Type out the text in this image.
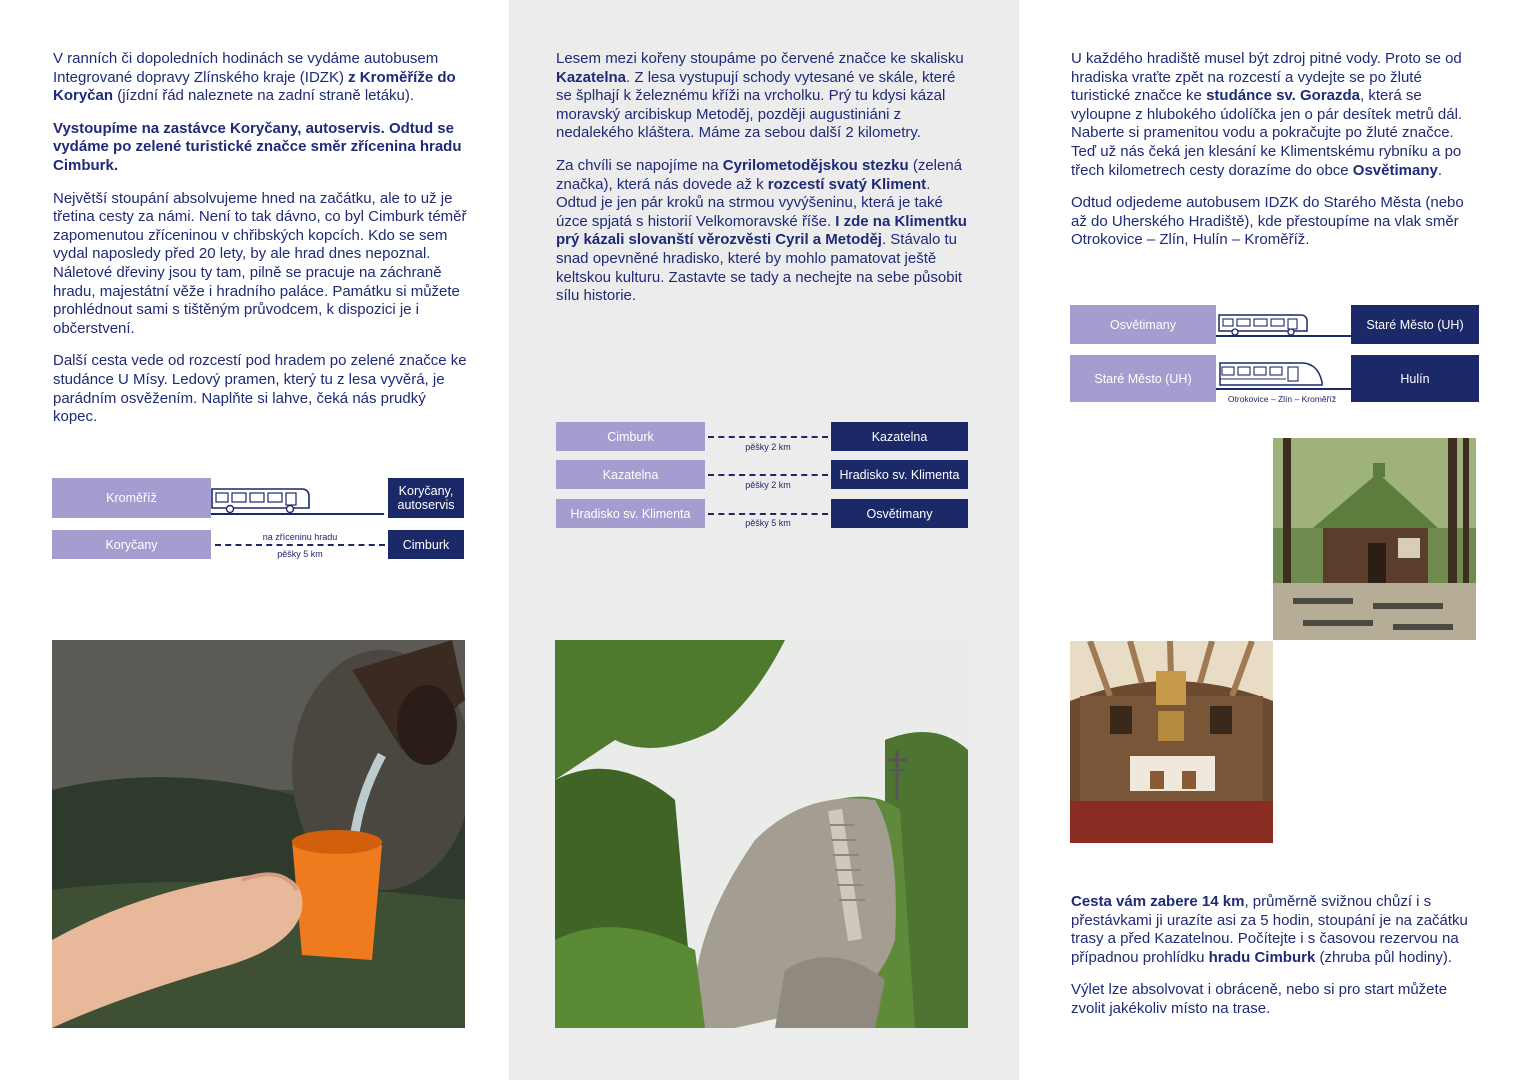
V ranních či dopoledních hodinách se vydáme autobusem Integrované dopravy Zlínského kraje (IDZK) z Kroměříže do Koryčan (jízdní řád naleznete na zadní straně letáku).

Vystoupíme na zastávce Koryčany, autoservis. Odtud se vydáme po zelené turistické značce směr zřícenina hradu Cimburk.

Největší stoupání absolvujeme hned na začátku, ale to už je třetina cesty za námi. Není to tak dávno, co byl Cimburk téměř zapomenutou zříceninou v chřibských kopcích. Kdo se sem vydal naposledy před 20 lety, by ale hrad dnes nepoznal. Náletové dřeviny jsou ty tam, pilně se pracuje na záchraně hradu, majestátní věže i hradního paláce. Památku si můžete prohlédnout sami s tištěným průvodcem, k dispozici je i občerstvení.

Další cesta vede od rozcestí pod hradem po zelené značce ke studánce U Mísy. Ledový pramen, který tu z lesa vyvěrá, je parádním osvěžením. Naplňte si lahve, čeká nás prudký kopec.

Kroměříž	Koryčany, autoservis
Koryčany
na zříceninu hradu
pěšky 5 km
Cimburk

Lesem mezi kořeny stoupáme po červené značce ke skalisku Kazatelna. Z lesa vystupují schody vytesané ve skále, které se šplhají k železnému kříži na vrcholku. Prý tu kdysi kázal moravský arcibiskup Metoděj, později augustiniáni z nedalekého kláštera. Máme za sebou další 2 kilometry.

Za chvíli se napojíme na Cyrilometodějskou stezku (zelená značka), která nás dovede až k rozcestí svatý Kliment. Odtud je jen pár kroků na strmou vyvýšeninu, která je také úzce spjatá s historií Velkomoravské říše. I zde na Klimentku prý kázali slovanští věrozvěsti Cyril a Metoděj. Stávalo tu snad opevněné hradisko, které by mohlo pamatovat ještě keltskou kulturu. Zastavte se tady a nechejte na sebe působit sílu historie.

Cimburk
pěšky 2 km
Kazatelna
Kazatelna
pěšky 2 km
Hradisko sv. Klimenta
Hradisko sv. Klimenta
pěšky 5 km
Osvětimany

U každého hradiště musel být zdroj pitné vody. Proto se od hradiska vraťte zpět na rozcestí a vydejte se po žluté turistické značce ke studánce sv. Gorazda, která se vyloupne z hlubokého údolíčka jen o pár desítek metrů dál. Naberte si pramenitou vodu a pokračujte po žluté značce. Teď už nás čeká jen klesání ke Klimentskému rybníku a po třech kilometrech cesty dorazíme do obce Osvětimany.

Odtud odjedeme autobusem IDZK do Starého Města (nebo až do Uherského Hradiště), kde přestoupíme na vlak směr Otrokovice – Zlín, Hulín – Kroměříž.

Osvětimany	Staré Město (UH)
Staré Město (UH)
Otrokovice – Zlín – Kroměříž
Hulín

Cesta vám zabere 14 km, průměrně svižnou chůzí i s přestávkami ji urazíte asi za 5 hodin, stoupání je na začátku trasy a před Kazatelnou. Počítejte i s časovou rezervou na případnou prohlídku hradu Cimburk (zhruba půl hodiny).

Výlet lze absolvovat i obráceně, nebo si pro start můžete zvolit jakékoliv místo na trase.
